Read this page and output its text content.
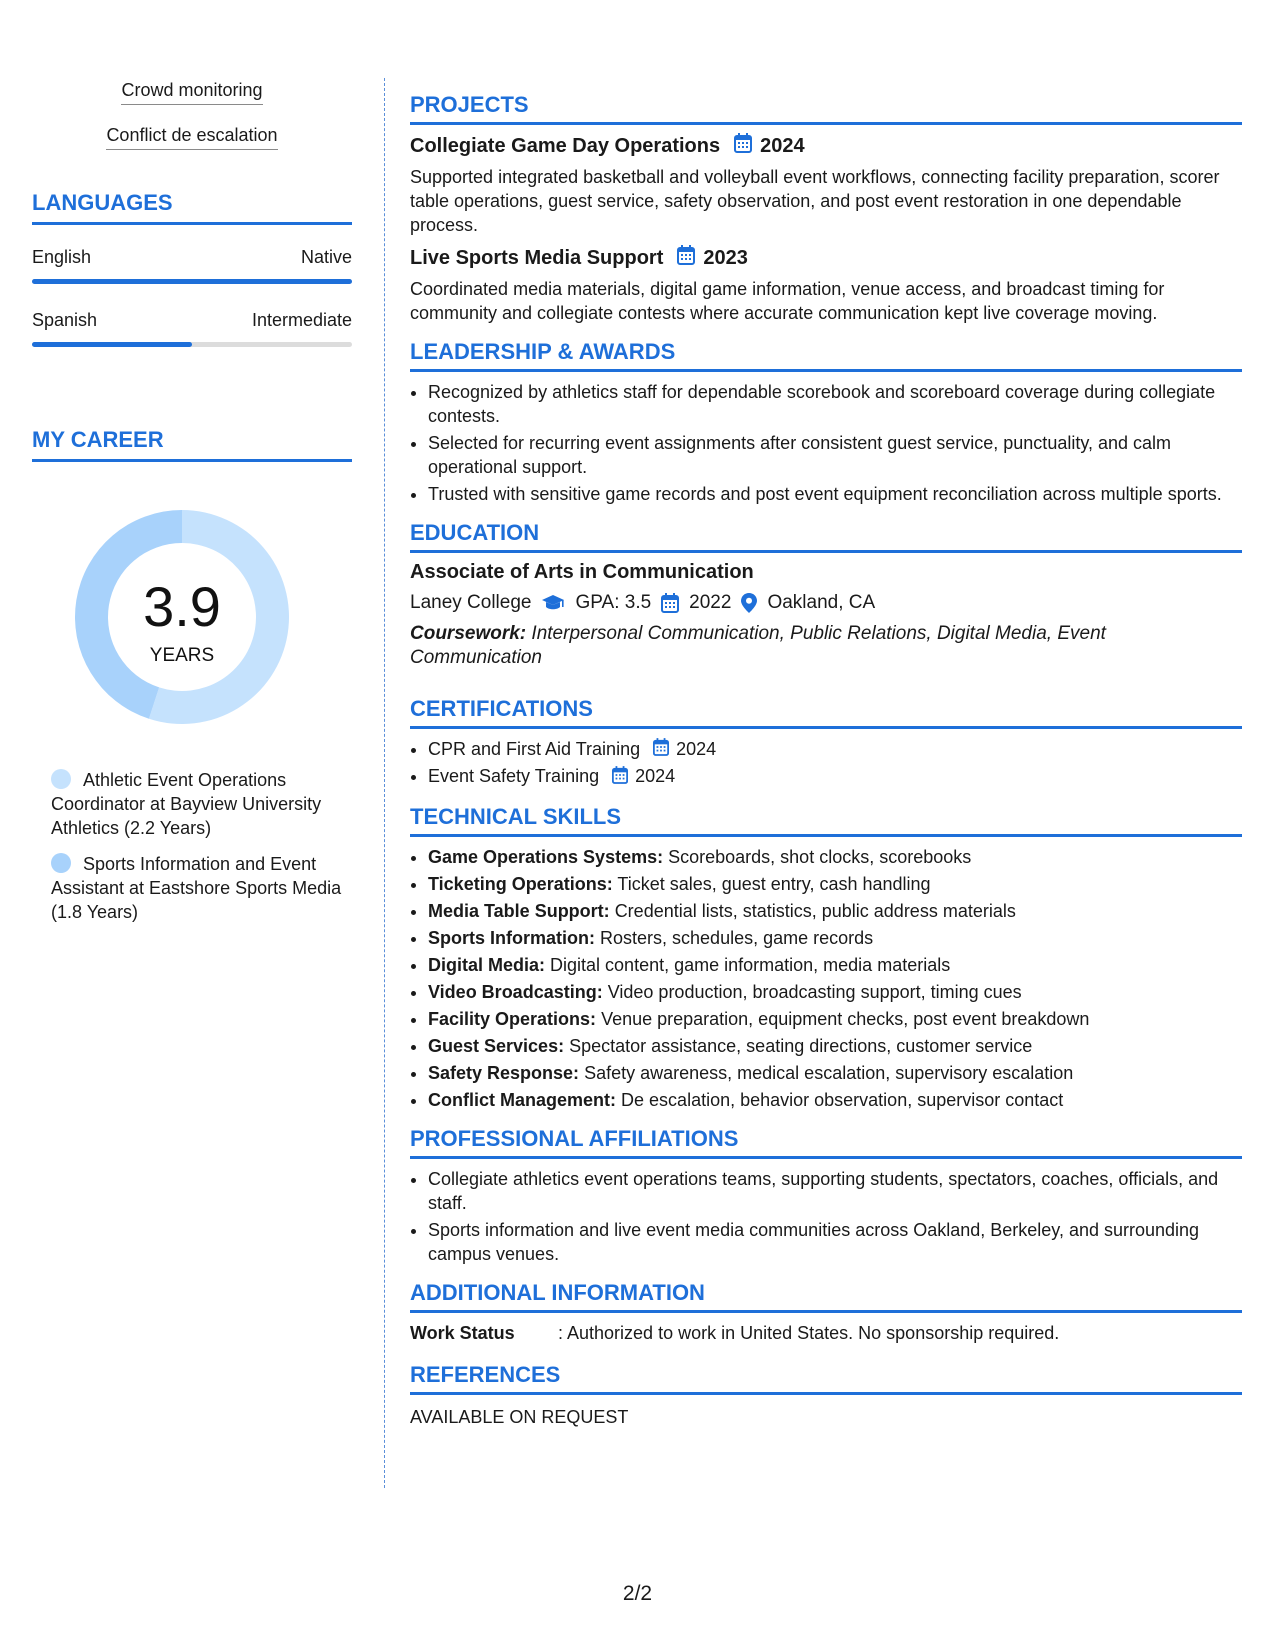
Crowd monitoring
Conflict de escalation
LANGUAGES
English	Native
Spanish	Intermediate
MY CAREER
3.9
YEARS
Athletic Event Operations Coordinator at Bayview University Athletics (2.2 Years)
Sports Information and Event Assistant at Eastshore Sports Media (1.8 Years)
PROJECTS
Collegiate Game Day Operations 2024
Supported integrated basketball and volleyball event workflows, connecting facility preparation, scorer table operations, guest service, safety observation, and post event restoration in one dependable process.
Live Sports Media Support 2023
Coordinated media materials, digital game information, venue access, and broadcast timing for community and collegiate contests where accurate communication kept live coverage moving.
LEADERSHIP & AWARDS
• Recognized by athletics staff for dependable scorebook and scoreboard coverage during collegiate contests.
• Selected for recurring event assignments after consistent guest service, punctuality, and calm operational support.
• Trusted with sensitive game records and post event equipment reconciliation across multiple sports.
EDUCATION
Associate of Arts in Communication
Laney College GPA: 3.5 2022 Oakland, CA
Coursework: Interpersonal Communication, Public Relations, Digital Media, Event Communication
CERTIFICATIONS
• CPR and First Aid Training 2024
• Event Safety Training 2024
TECHNICAL SKILLS
• Game Operations Systems: Scoreboards, shot clocks, scorebooks
• Ticketing Operations: Ticket sales, guest entry, cash handling
• Media Table Support: Credential lists, statistics, public address materials
• Sports Information: Rosters, schedules, game records
• Digital Media: Digital content, game information, media materials
• Video Broadcasting: Video production, broadcasting support, timing cues
• Facility Operations: Venue preparation, equipment checks, post event breakdown
• Guest Services: Spectator assistance, seating directions, customer service
• Safety Response: Safety awareness, medical escalation, supervisory escalation
• Conflict Management: De escalation, behavior observation, supervisor contact
PROFESSIONAL AFFILIATIONS
• Collegiate athletics event operations teams, supporting students, spectators, coaches, officials, and staff.
• Sports information and live event media communities across Oakland, Berkeley, and surrounding campus venues.
ADDITIONAL INFORMATION
Work Status	: Authorized to work in United States. No sponsorship required.
REFERENCES
AVAILABLE ON REQUEST
2/2
